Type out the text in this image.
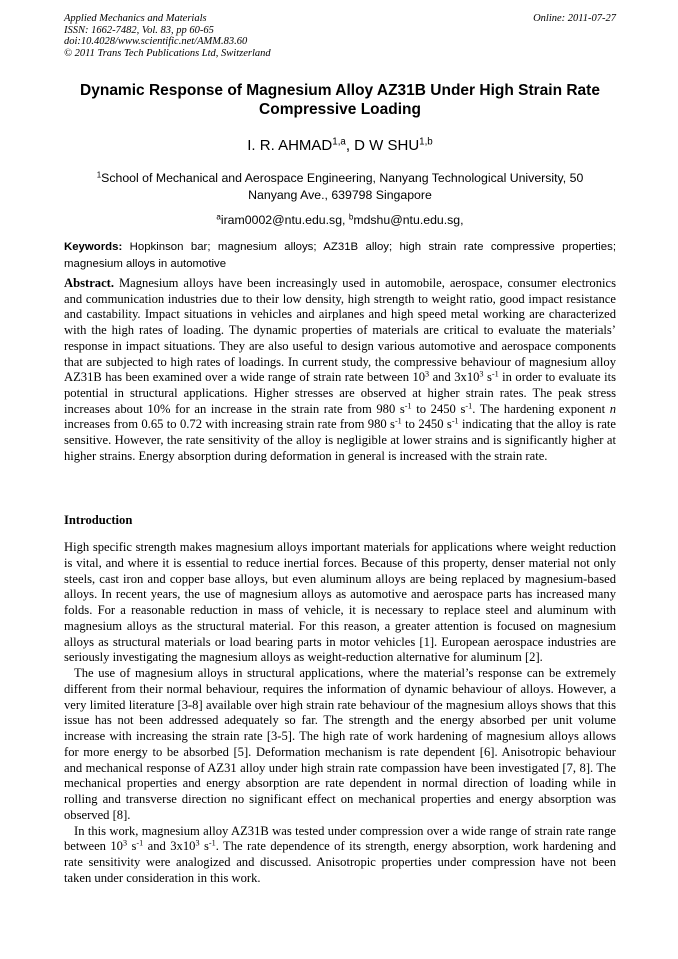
Applied Mechanics and Materials
ISSN: 1662-7482, Vol. 83, pp 60-65
doi:10.4028/www.scientific.net/AMM.83.60
© 2011 Trans Tech Publications Ltd, Switzerland
Online: 2011-07-27
Dynamic Response of Magnesium Alloy AZ31B Under High Strain Rate
Compressive Loading
I. R. AHMAD$^{1,a}$, D W SHU$^{1,b}$
$^1$School of Mechanical and Aerospace Engineering, Nanyang Technological University, 50
Nanyang Ave., 639798 Singapore
$^a$iram0002@ntu.edu.sg, $^b$mdshu@ntu.edu.sg,
Keywords: Hopkinson bar; magnesium alloys; AZ31B alloy; high strain rate compressive properties; magnesium alloys in automotive
Abstract. Magnesium alloys have been increasingly used in automobile, aerospace, consumer electronics and communication industries due to their low density, high strength to weight ratio, good impact resistance and castability. Impact situations in vehicles and airplanes and high speed metal working are characterized with the high rates of loading. The dynamic properties of materials are critical to evaluate the materials’ response in impact situations. They are also useful to design various automotive and aerospace components that are subjected to high rates of loadings. In current study, the compressive behaviour of magnesium alloy AZ31B has been examined over a wide range of strain rate between $10^3$ and $3x10^3$ $s^{-1}$ in order to evaluate its potential in structural applications. Higher stresses are observed at higher strain rates. The peak stress increases about 10% for an increase in the strain rate from 980 $s^{-1}$ to 2450 $s^{-1}$. The hardening exponent n increases from 0.65 to 0.72 with increasing strain rate from 980 $s^{-1}$ to 2450 $s^{-1}$ indicating that the alloy is rate sensitive. However, the rate sensitivity of the alloy is negligible at lower strains and is significantly higher at higher strains. Energy absorption during deformation in general is increased with the strain rate.
Introduction

High specific strength makes magnesium alloys important materials for applications where weight reduction is vital, and where it is essential to reduce inertial forces. Because of this property, denser material not only steels, cast iron and copper base alloys, but even aluminum alloys are being replaced by magnesium-based alloys. In recent years, the use of magnesium alloys as automotive and aerospace parts has increased many folds. For a reasonable reduction in mass of vehicle, it is necessary to replace steel and aluminum with magnesium alloys as the structural material. For this reason, a greater attention is focused on magnesium alloys as structural materials or load bearing parts in motor vehicles [1]. European aerospace industries are seriously investigating the magnesium alloys as weight-reduction alternative for aluminum [2].

The use of magnesium alloys in structural applications, where the material’s response can be extremely different from their normal behaviour, requires the information of dynamic behaviour of alloys. However, a very limited literature [3-8] available over high strain rate behaviour of the magnesium alloys shows that this issue has not been addressed adequately so far. The strength and the energy absorbed per unit volume increase with increasing the strain rate [3-5]. The high rate of work hardening of magnesium alloys allows for more energy to be absorbed [5]. Deformation mechanism is rate dependent [6]. Anisotropic behaviour and mechanical response of AZ31 alloy under high strain rate compassion have been investigated [7, 8]. The mechanical properties and energy absorption are rate dependent in normal direction of loading while in rolling and transverse direction no significant effect on mechanical properties and energy absorption was observed [8].

In this work, magnesium alloy AZ31B was tested under compression over a wide range of strain rate range between $10^3$ $s^{-1}$ and $3x10^3$ $s^{-1}$. The rate dependence of its strength, energy absorption, work hardening and rate sensitivity were analogized and discussed. Anisotropic properties under compression have not been taken under consideration in this work.
